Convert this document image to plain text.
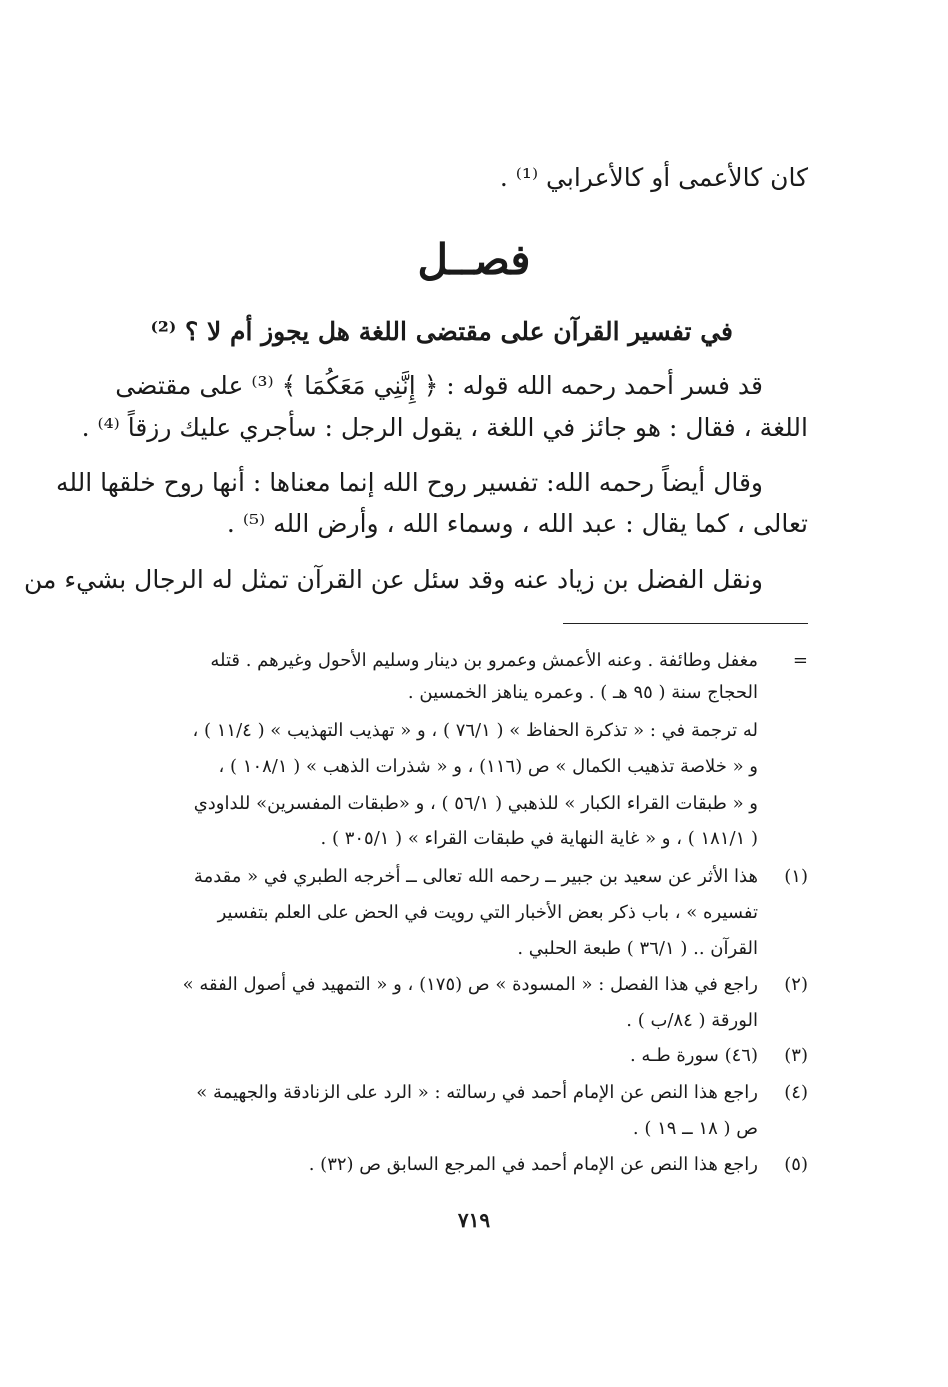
كان كالأعمى أو كالأعرابي ⁽¹⁾ .
فصــل
في تفسير القرآن على مقتضى اللغة هل يجوز أم لا ؟ ⁽²⁾
قد فسر أحمد رحمه الله قوله : ﴿ إِنَّنِي مَعَكُمَا ﴾ ⁽³⁾ على مقتضى
اللغة ، فقال : هو جائز في اللغة ، يقول الرجل : سأجري عليك رزقاً ⁽⁴⁾ .
وقال أيضاً رحمه الله: تفسير روح الله إنما معناها : أنها روح خلقها الله
تعالى ، كما يقال : عبد الله ، وسماء الله ، وأرض الله ⁽⁵⁾ .
ونقل الفضل بن زياد عنه وقد سئل عن القرآن تمثل له الرجال بشيء من
=
مغفل وطائفة . وعنه الأعمش وعمرو بن دينار وسليم الأحول وغيرهم . قتله
الحجاج سنة ( ٩٥ هـ ) . وعمره يناهز الخمسين .
له ترجمة في : « تذكرة الحفاظ » ( ٧٦/١ ) ، و « تهذيب التهذيب » ( ١١/٤ ) ،
و « خلاصة تذهيب الكمال » ص (١١٦) ، و « شذرات الذهب » ( ١٠٨/١ ) ،
و « طبقات القراء الكبار » للذهبي ( ٥٦/١ ) ، و «طبقات المفسرين» للداودي
( ١٨١/١ ) ، و « غاية النهاية في طبقات القراء » ( ٣٠٥/١ ) .
(١)
هذا الأثر عن سعيد بن جبير ــ رحمه الله تعالى ــ أخرجه الطبري في « مقدمة
تفسيره » ، باب ذكر بعض الأخبار التي رويت في الحض على العلم بتفسير
القرآن .. ( ٣٦/١ ) طبعة الحلبي .
(٢)
راجع في هذا الفصل : « المسودة » ص (١٧٥) ، و « التمهيد في أصول الفقه »
الورقة ( ٨٤/ب ) .
(٣)
(٤٦) سورة طـه .
(٤)
راجع هذا النص عن الإمام أحمد في رسالته : « الرد على الزنادقة والجهيمة »
ص ( ١٨ ــ ١٩ ) .
(٥)
راجع هذا النص عن الإمام أحمد في المرجع السابق ص (٣٢) .
٧١٩
